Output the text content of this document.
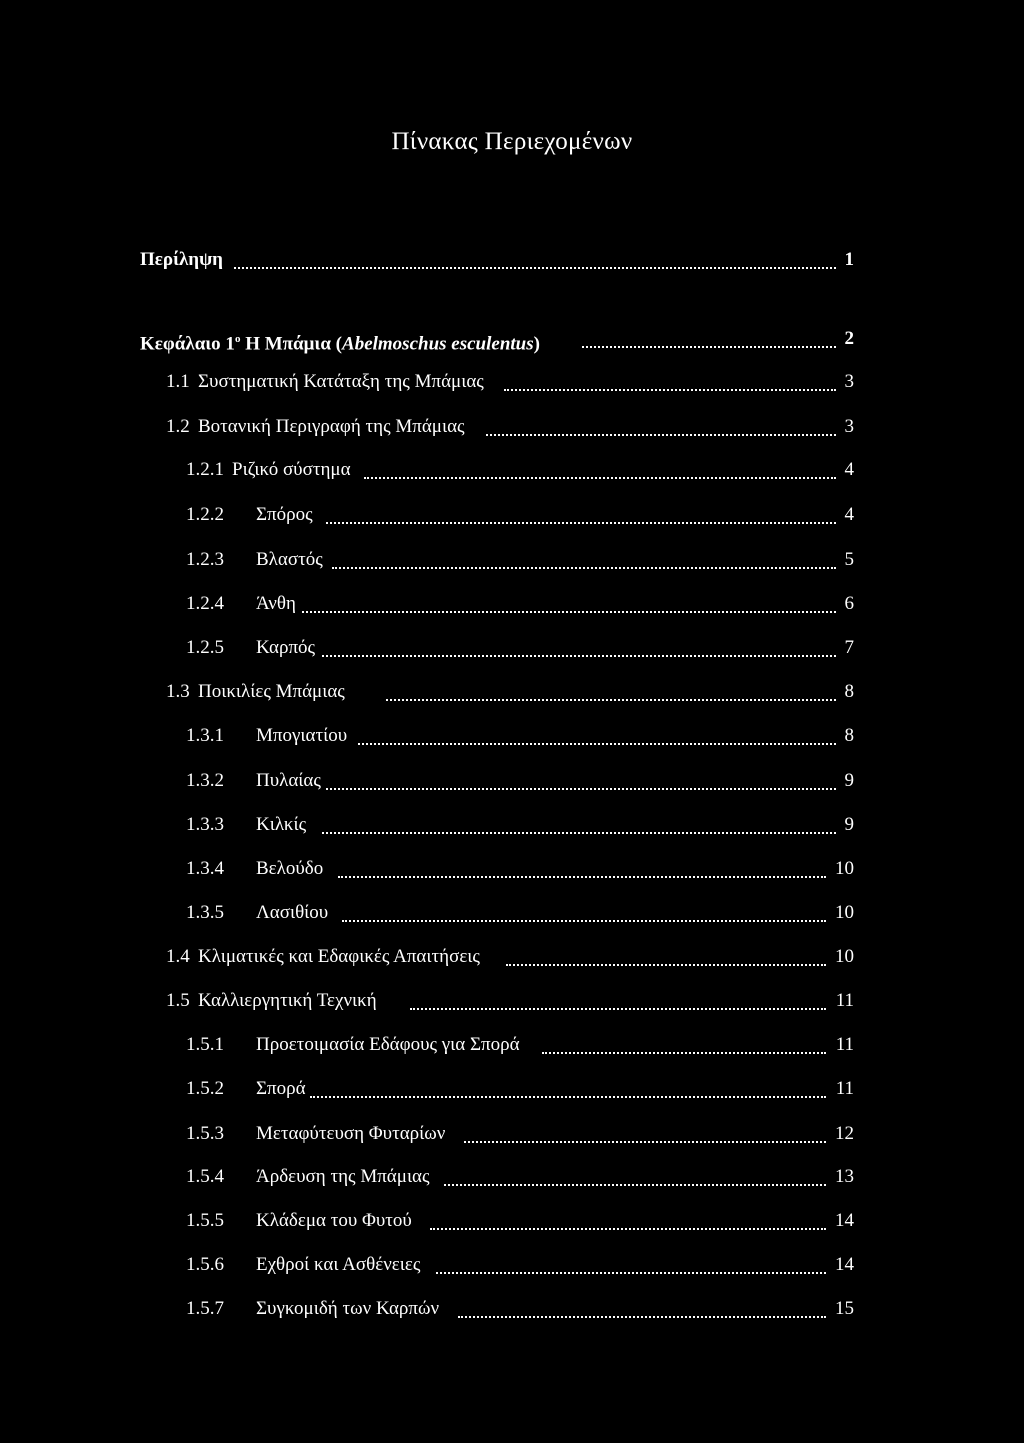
Πίνακας Περιεχομένων
Περίληψη	1
Κεφάλαιο $1^o$ Η Μπάμια (Abelmoschus esculentus)	2
1.1 Συστηματική Κατάταξη της Μπάμιας	3
1.2 Βοτανική Περιγραφή της Μπάμιας	3
1.2.1 Ριζικό σύστημα	4
1.2.2 Σπόρος	4
1.2.3 Βλαστός	5
1.2.4 Άνθη	6
1.2.5 Καρπός	7
1.3 Ποικιλίες Μπάμιας	8
1.3.1 Μπογιατίου	8
1.3.2 Πυλαίας	9
1.3.3 Κιλκίς	9
1.3.4 Βελούδο	10
1.3.5 Λασιθίου	10
1.4 Κλιματικές και Εδαφικές Απαιτήσεις	10
1.5 Καλλιεργητική Τεχνική	11
1.5.1 Προετοιμασία Εδάφους για Σπορά	11
1.5.2 Σπορά	11
1.5.3 Μεταφύτευση Φυταρίων	12
1.5.4 Άρδευση της Μπάμιας	13
1.5.5 Κλάδεμα του Φυτού	14
1.5.6 Εχθροί και Ασθένειες	14
1.5.7 Συγκομιδή των Καρπών	15
